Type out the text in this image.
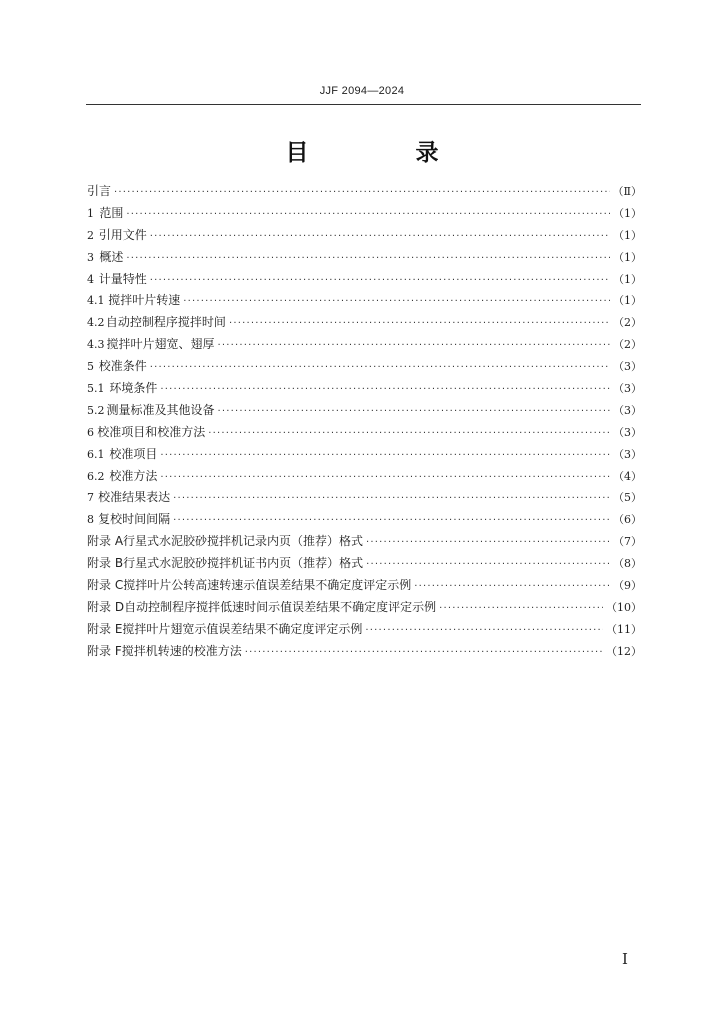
JJF 2094—2024
目　录
引言 ·····	（Ⅱ）
1 范围 ·····	（1）
2 引用文件 ·····	（1）
3 概述 ·····	（1）
4 计量特性 ·····	（1）
4.1 搅拌叶片转速 ·····	（1）
4.2 自动控制程序搅拌时间 ·····	（2）
4.3 搅拌叶片翅宽、翅厚 ·····	（2）
5 校准条件 ·····	（3）
5.1 环境条件 ·····	（3）
5.2 测量标准及其他设备 ·····	（3）
6 校准项目和校准方法 ·····	（3）
6.1 校准项目 ·····	（3）
6.2 校准方法 ·····	（4）
7 校准结果表达 ·····	（5）
8 复校时间间隔 ·····	（6）
附录 A 行星式水泥胶砂搅拌机记录内页（推荐）格式 ·····	（7）
附录 B 行星式水泥胶砂搅拌机证书内页（推荐）格式 ·····	（8）
附录 C 搅拌叶片公转高速转速示值误差结果不确定度评定示例 ·····	（9）
附录 D 自动控制程序搅拌低速时间示值误差结果不确定度评定示例 ·····	（10）
附录 E 搅拌叶片翅宽示值误差结果不确定度评定示例 ·····	（11）
附录 F 搅拌机转速的校准方法 ·····	（12）
Ⅰ
